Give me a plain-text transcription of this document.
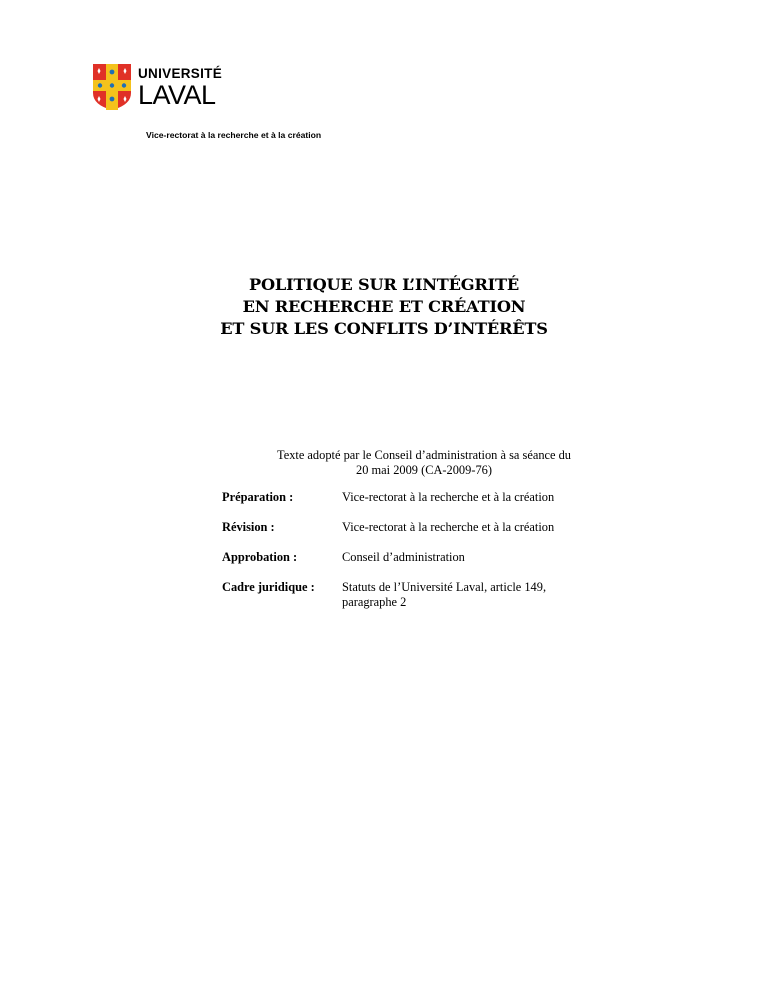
UNIVERSITÉ
LAVAL
Vice-rectorat à la recherche et à la création
POLITIQUE SUR L’INTÉGRITÉ
EN RECHERCHE ET CRÉATION
ET SUR LES CONFLITS D’INTÉRÊTS
Texte adopté par le Conseil d’administration à sa séance du
20 mai 2009 (CA-2009-76)
Préparation :	Vice-rectorat à la recherche et à la création
Révision :	Vice-rectorat à la recherche et à la création
Approbation :	Conseil d’administration
Cadre juridique :	Statuts de l’Université Laval, article 149,
paragraphe 2
